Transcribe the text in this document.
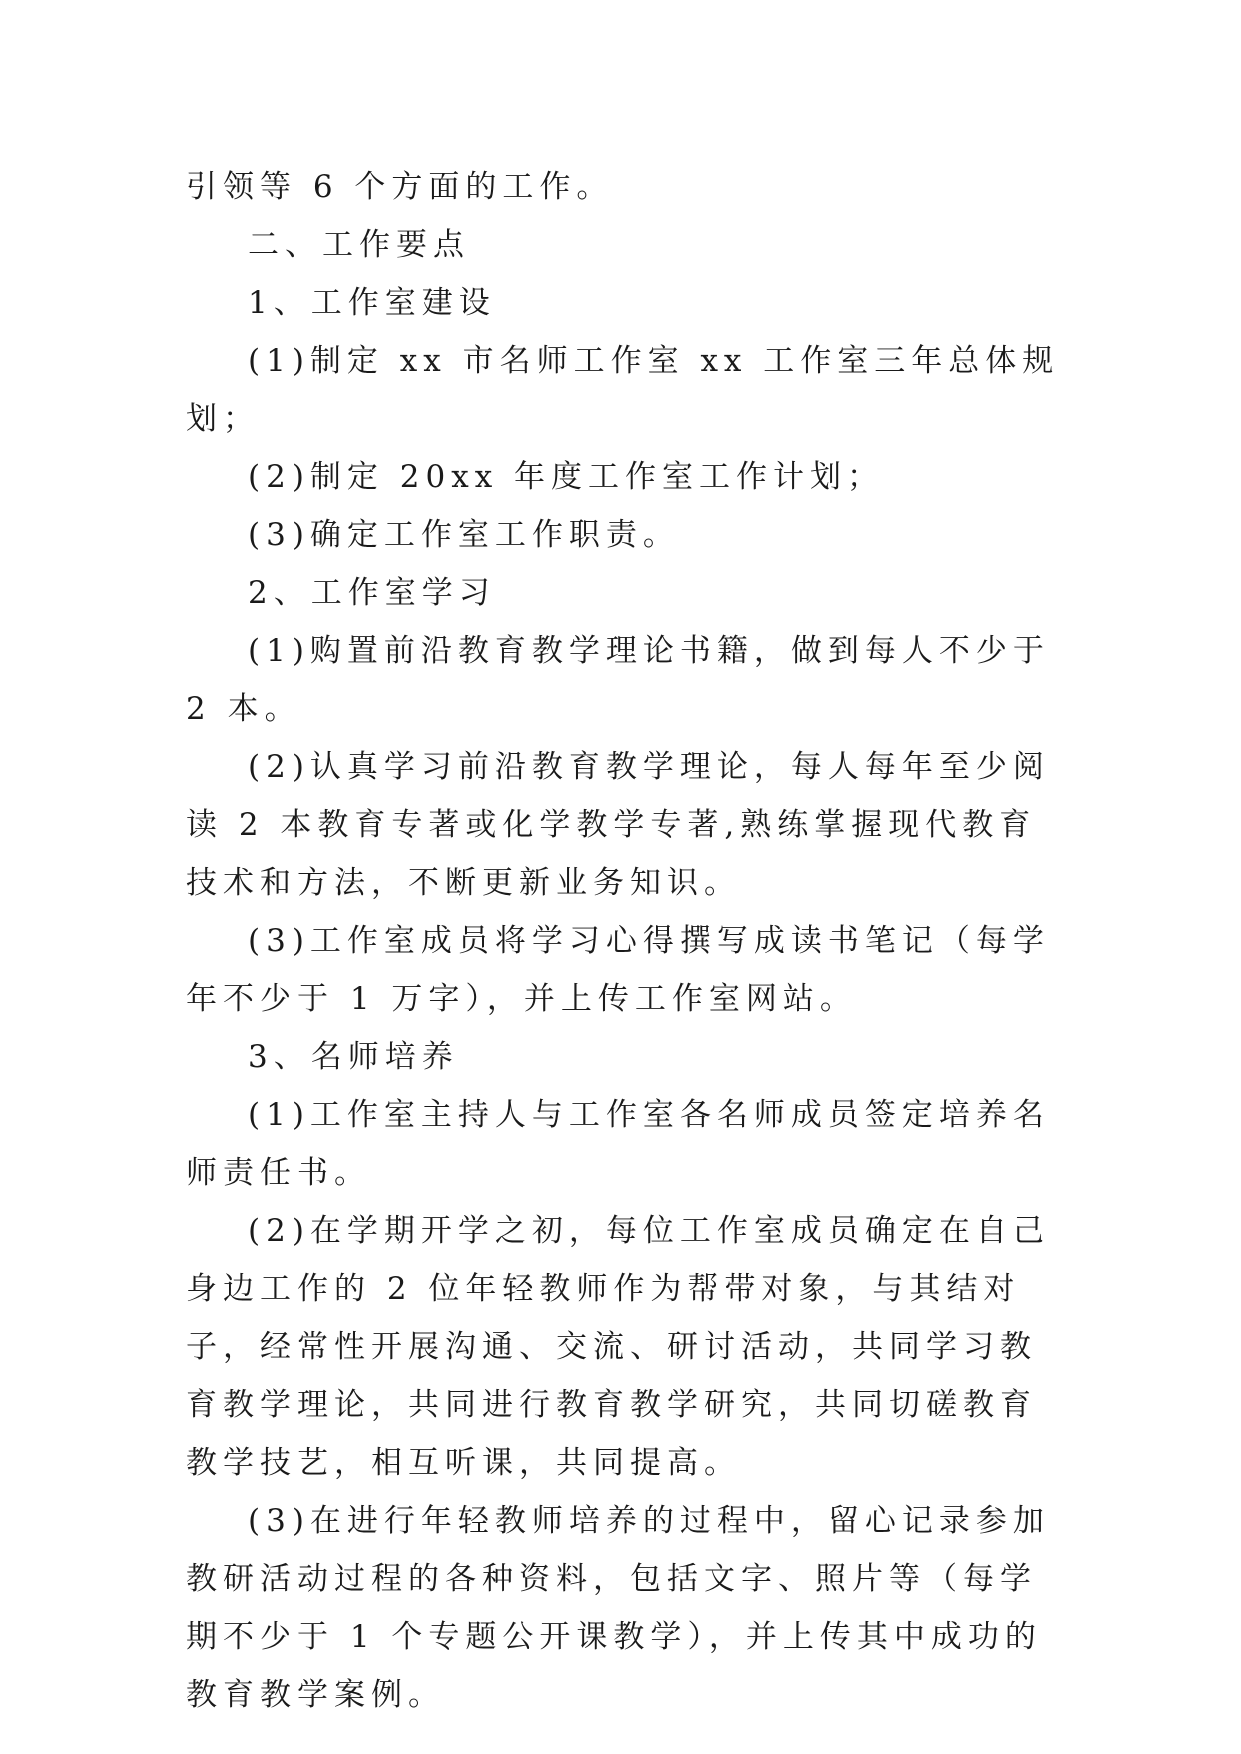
引领等 6 个方面的工作。

二、工作要点

1、工作室建设

(1)制定 xx 市名师工作室 xx 工作室三年总体规划；

(2)制定 20xx 年度工作室工作计划；

(3)确定工作室工作职责。

2、工作室学习

(1)购置前沿教育教学理论书籍，做到每人不少于 2 本。

(2)认真学习前沿教育教学理论，每人每年至少阅读 2 本教育专著或化学教学专著,熟练掌握现代教育技术和方法，不断更新业务知识。

(3)工作室成员将学习心得撰写成读书笔记（每学年不少于 1 万字），并上传工作室网站。

3、名师培养

(1)工作室主持人与工作室各名师成员签定培养名师责任书。

(2)在学期开学之初，每位工作室成员确定在自己身边工作的 2 位年轻教师作为帮带对象，与其结对子，经常性开展沟通、交流、研讨活动，共同学习教育教学理论，共同进行教育教学研究，共同切磋教育教学技艺，相互听课，共同提高。

(3)在进行年轻教师培养的过程中，留心记录参加教研活动过程的各种资料，包括文字、照片等（每学期不少于 1 个专题公开课教学），并上传其中成功的教育教学案例。
